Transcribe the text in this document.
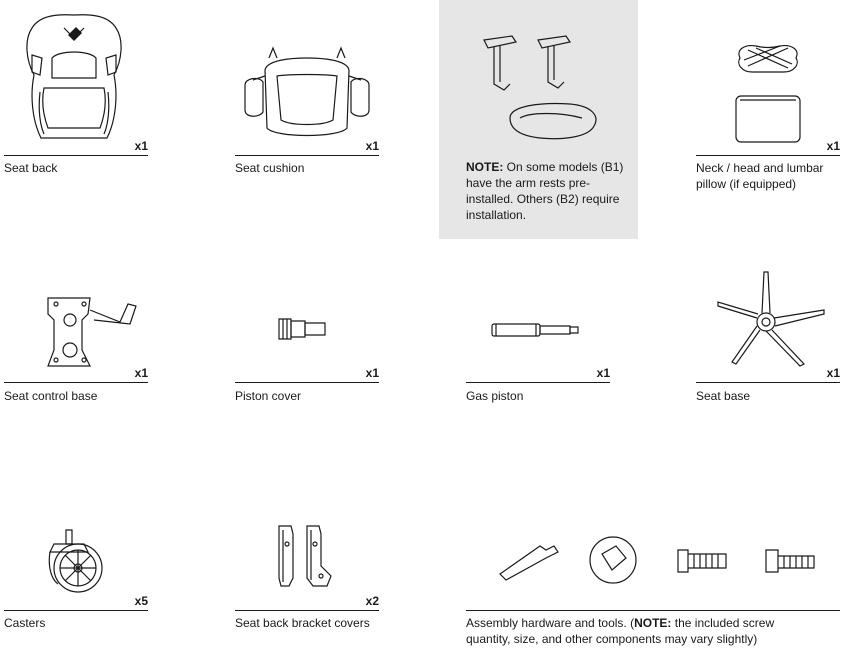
x1
Seat back
x1
Seat cushion	NOTE: On some models (B1) have the arm rests pre-installed. Others (B2) require installation.
x1
Neck / head and lumbar pillow (if equipped)
x1
Seat control base
x1
Piston cover
x1
Gas piston
x1
Seat base
x5
Casters
x2
Seat back bracket covers	Assembly hardware and tools. (NOTE: the included screw quantity, size, and other components may vary slightly)
